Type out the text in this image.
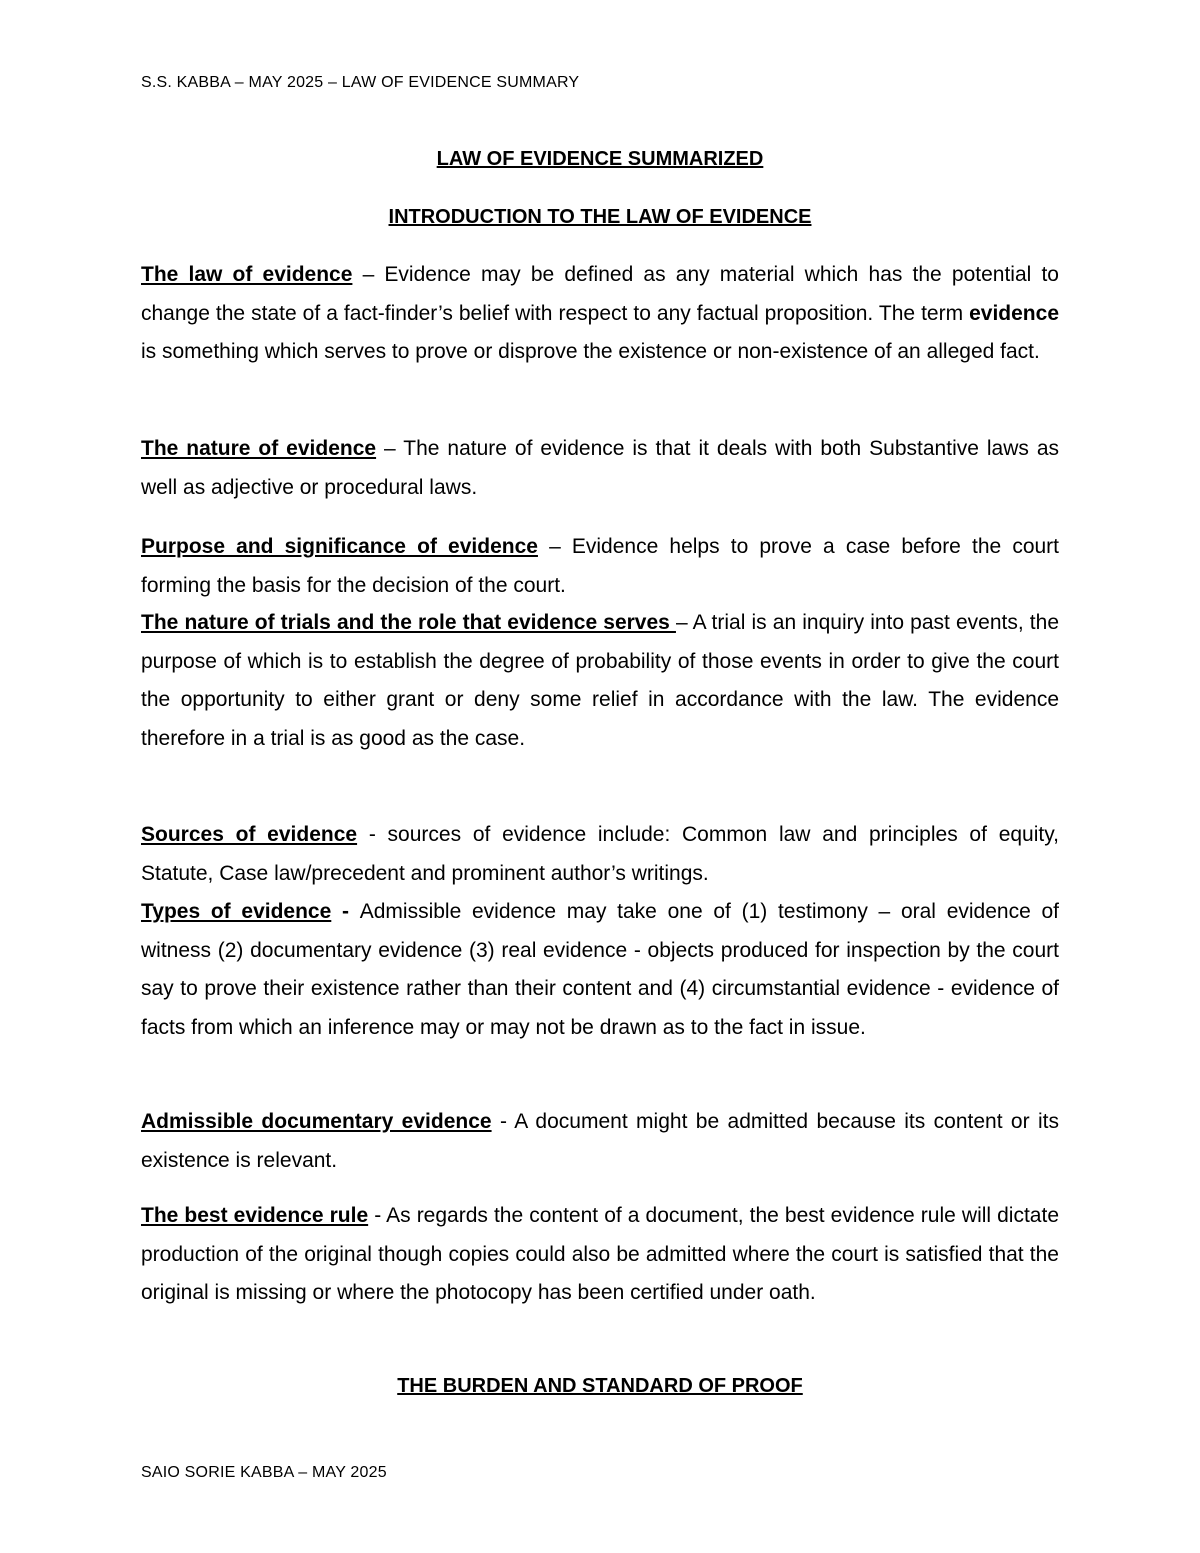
S.S. KABBA – MAY 2025 – LAW OF EVIDENCE SUMMARY
LAW OF EVIDENCE SUMMARIZED
INTRODUCTION TO THE LAW OF EVIDENCE

The law of evidence – Evidence may be defined as any material which has the potential to change the state of a fact-finder’s belief with respect to any factual proposition. The term evidence is something which serves to prove or disprove the existence or non-existence of an alleged fact.

The nature of evidence – The nature of evidence is that it deals with both Substantive laws as well as adjective or procedural laws.

Purpose and significance of evidence – Evidence helps to prove a case before the court forming the basis for the decision of the court.

The nature of trials and the role that evidence serves – A trial is an inquiry into past events, the purpose of which is to establish the degree of probability of those events in order to give the court the opportunity to either grant or deny some relief in accordance with the law. The evidence therefore in a trial is as good as the case.

Sources of evidence - sources of evidence include: Common law and principles of equity, Statute, Case law/precedent and prominent author’s writings.

Types of evidence - Admissible evidence may take one of (1) testimony – oral evidence of witness (2) documentary evidence (3) real evidence - objects produced for inspection by the court say to prove their existence rather than their content and (4) circumstantial evidence - evidence of facts from which an inference may or may not be drawn as to the fact in issue.

Admissible documentary evidence - A document might be admitted because its content or its existence is relevant.

The best evidence rule - As regards the content of a document, the best evidence rule will dictate production of the original though copies could also be admitted where the court is satisfied that the original is missing or where the photocopy has been certified under oath.

THE BURDEN AND STANDARD OF PROOF
SAIO SORIE KABBA – MAY 2025
